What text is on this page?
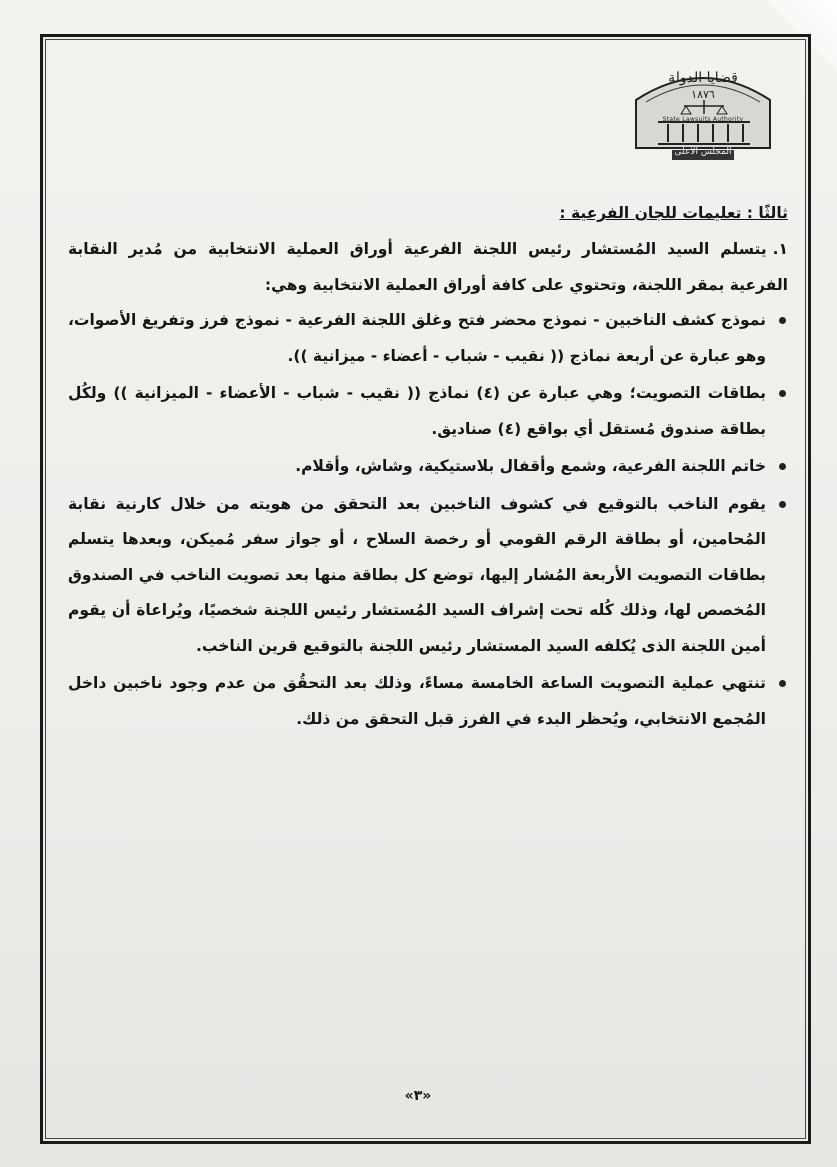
قضايا الدولة
١٨٧٦
State Lawsuits Authority
المجلس الأعلى

ثالثًا : تعليمات للجان الفرعية :

١.يتسلم السيد المُستشار رئيس اللجنة الفرعية أوراق العملية الانتخابية من مُدير النقابة الفرعية بمقر اللجنة، وتحتوي على كافة أوراق العملية الانتخابية وهي:

نموذج كشف الناخبين - نموذج محضر فتح وغلق اللجنة الفرعية - نموذج فرز وتفريغ الأصوات، وهو عبارة عن أربعة نماذج (( نقيب - شباب - أعضاء - ميزانية )).
بطاقات التصويت؛ وهي عبارة عن (٤) نماذج (( نقيب - شباب - الأعضاء - الميزانية )) ولكُل بطاقة صندوق مُستقل أي بواقع (٤) صناديق.
خاتم اللجنة الفرعية، وشمع وأقفال بلاستيكية، وشاش، وأقلام.
يقوم الناخب بالتوقيع في كشوف الناخبين بعد التحقق من هويته من خلال كارنية نقابة المُحامين، أو بطاقة الرقم القومي أو رخصة السلاح ، أو جواز سفر مُميكن، وبعدها يتسلم بطاقات التصويت الأربعة المُشار إليها، توضع كل بطاقة منها بعد تصويت الناخب في الصندوق المُخصص لها، وذلك كُله تحت إشراف السيد المُستشار رئيس اللجنة شخصيًا، ويُراعاة أن يقوم أمين اللجنة الذى يُكلفه السيد المستشار رئيس اللجنة بالتوقيع قرين الناخب.
تنتهي عملية التصويت الساعة الخامسة مساءً، وذلك بعد التحقُق من عدم وجود ناخبين داخل المُجمع الانتخابي، ويُحظر البدء في الفرز قبل التحقق من ذلك.
«٣»
